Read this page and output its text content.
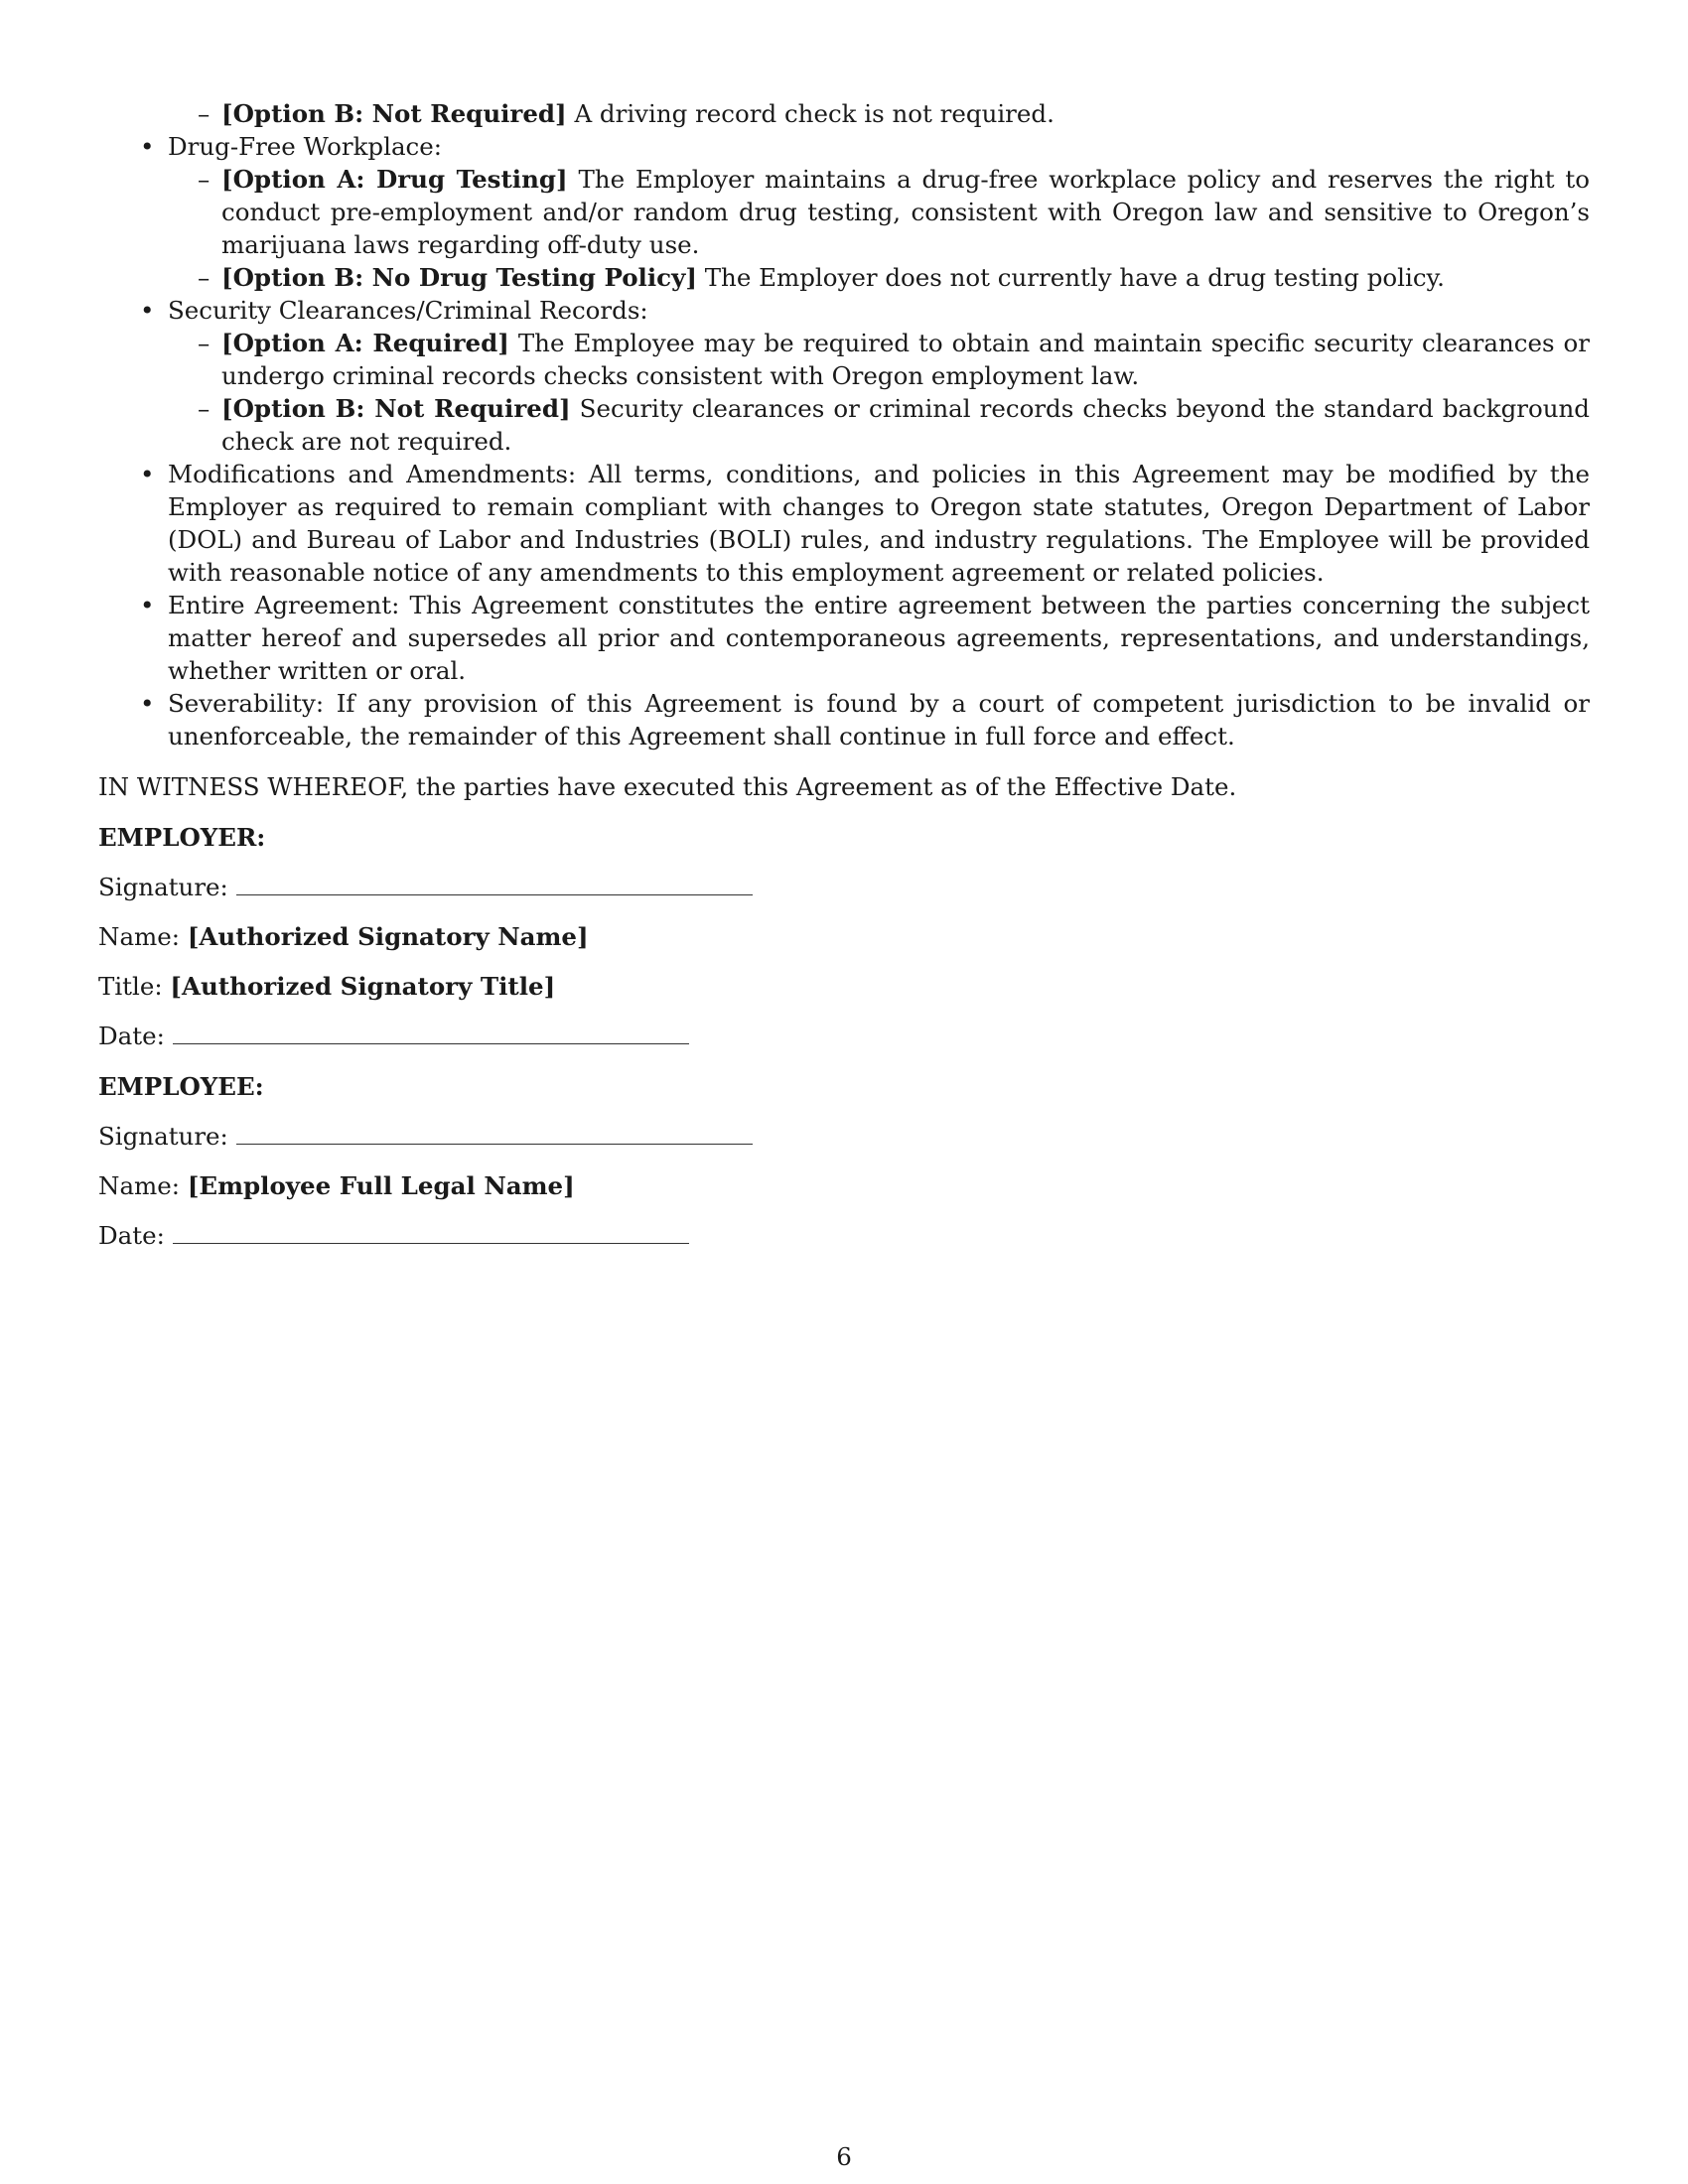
– [Option B: Not Required] A driving record check is not required.
• Drug-Free Workplace:
– [Option A: Drug Testing] The Employer maintains a drug-free workplace policy and reserves the right to conduct pre-employment and/or random drug testing, consistent with Oregon law and sensitive to Oregon’s marijuana laws regarding off-duty use.
– [Option B: No Drug Testing Policy] The Employer does not currently have a drug testing policy.
• Security Clearances/Criminal Records:
– [Option A: Required] The Employee may be required to obtain and maintain specific security clearances or undergo criminal records checks consistent with Oregon employment law.
– [Option B: Not Required] Security clearances or criminal records checks beyond the standard background check are not required.
• Modifications and Amendments: All terms, conditions, and policies in this Agreement may be modified by the Employer as required to remain compliant with changes to Oregon state statutes, Oregon Department of Labor (DOL) and Bureau of Labor and Industries (BOLI) rules, and industry regulations. The Employee will be provided with reasonable notice of any amendments to this employment agreement or related policies.
• Entire Agreement: This Agreement constitutes the entire agreement between the parties concerning the subject matter hereof and supersedes all prior and contemporaneous agreements, representations, and understandings, whether written or oral.
• Severability: If any provision of this Agreement is found by a court of competent jurisdiction to be invalid or unenforceable, the remainder of this Agreement shall continue in full force and effect.
IN WITNESS WHEREOF, the parties have executed this Agreement as of the Effective Date.
EMPLOYER:
Signature:
Name: [Authorized Signatory Name]
Title: [Authorized Signatory Title]
Date:
EMPLOYEE:
Signature:
Name: [Employee Full Legal Name]
Date:
6
